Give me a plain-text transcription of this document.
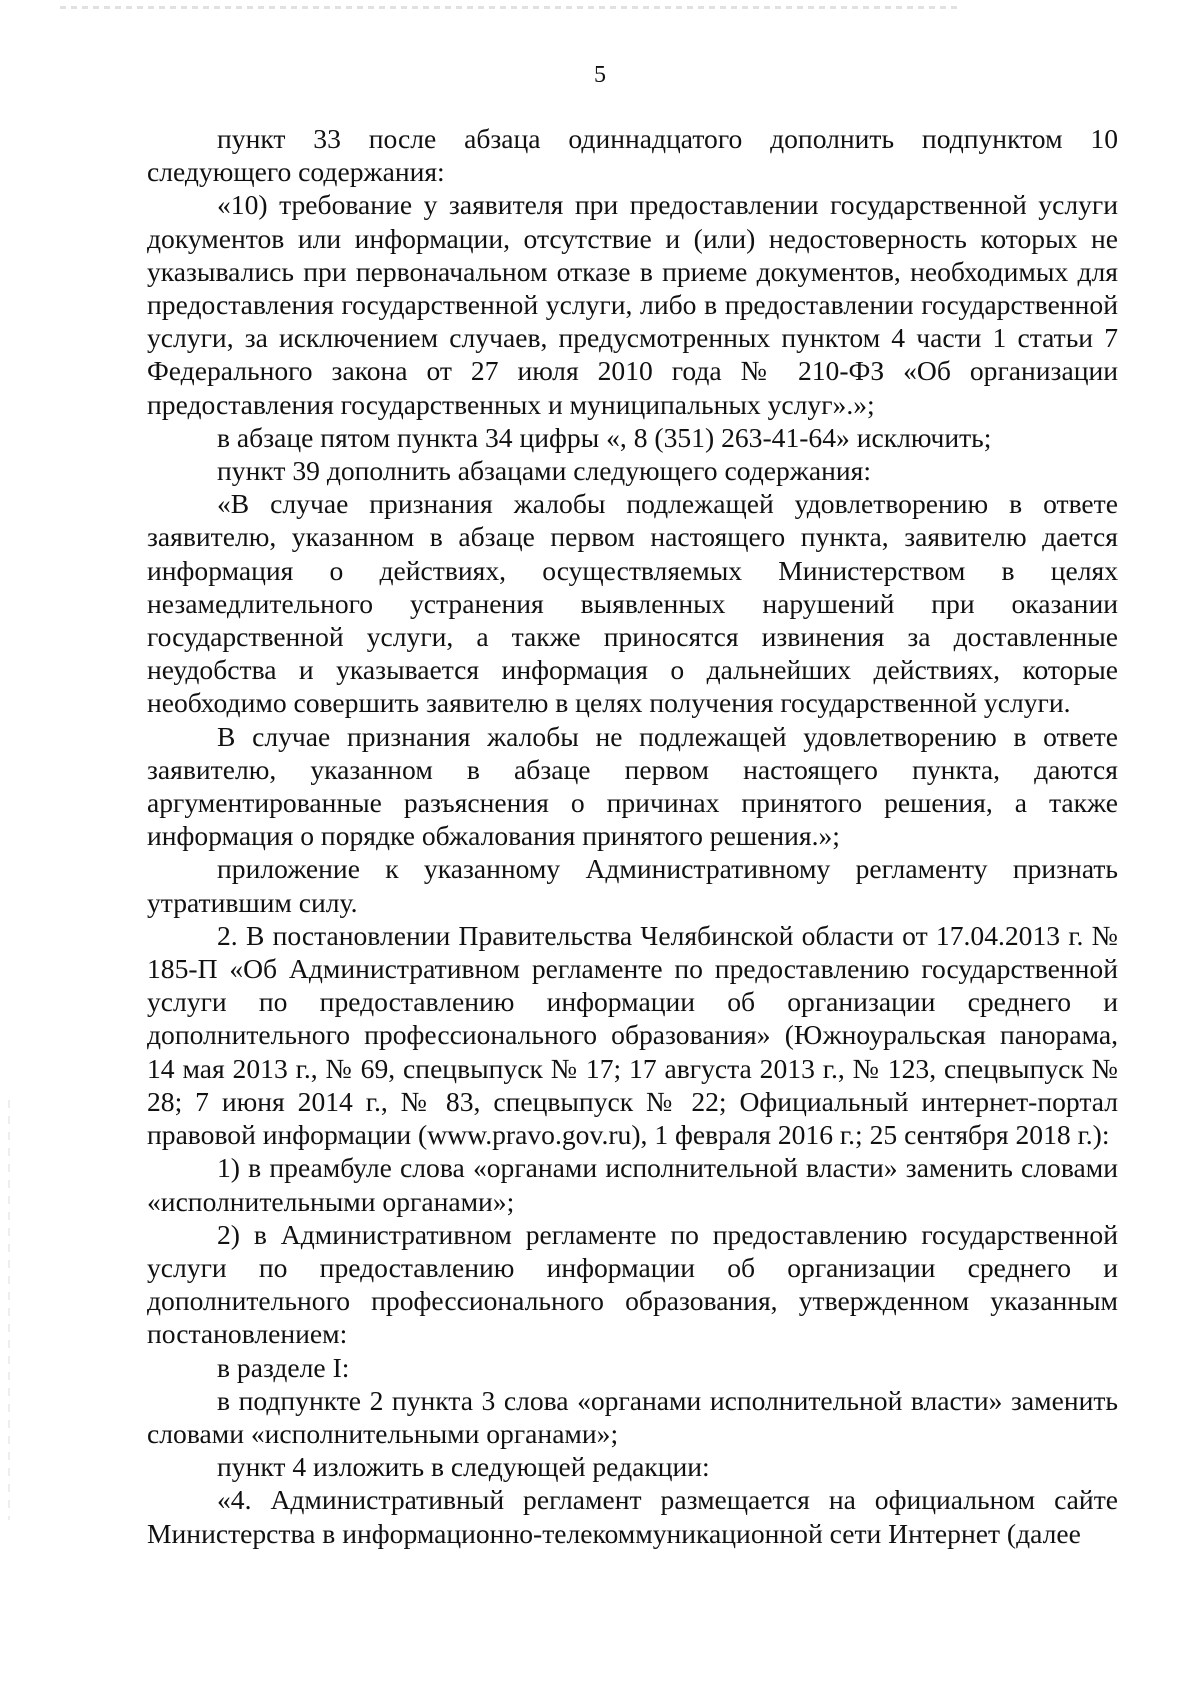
5

пункт 33 после абзаца одиннадцатого дополнить подпунктом 10 следующего содержания:

«10) требование у заявителя при предоставлении государственной услуги документов или информации, отсутствие и (или) недостоверность которых не указывались при первоначальном отказе в приеме документов, необходимых для предоставления государственной услуги, либо в предоставлении государственной услуги, за исключением случаев, предусмотренных пунктом 4 части 1 статьи 7 Федерального закона от 27 июля 2010 года № 210-ФЗ «Об организации предоставления государственных и муниципальных услуг».»;

в абзаце пятом пункта 34 цифры «, 8 (351) 263-41-64» исключить;

пункт 39 дополнить абзацами следующего содержания:

«В случае признания жалобы подлежащей удовлетворению в ответе заявителю, указанном в абзаце первом настоящего пункта, заявителю дается информация о действиях, осуществляемых Министерством в целях незамедлительного устранения выявленных нарушений при оказании государственной услуги, а также приносятся извинения за доставленные неудобства и указывается информация о дальнейших действиях, которые необходимо совершить заявителю в целях получения государственной услуги.

В случае признания жалобы не подлежащей удовлетворению в ответе заявителю, указанном в абзаце первом настоящего пункта, даются аргументированные разъяснения о причинах принятого решения, а также информация о порядке обжалования принятого решения.»;

приложение к указанному Административному регламенту признать утратившим силу.

2. В постановлении Правительства Челябинской области от 17.04.2013 г. № 185-П «Об Административном регламенте по предоставлению государственной услуги по предоставлению информации об организации среднего и дополнительного профессионального образования» (Южноуральская панорама, 14 мая 2013 г., № 69, спецвыпуск № 17; 17 августа 2013 г., № 123, спецвыпуск № 28; 7 июня 2014 г., № 83, спецвыпуск № 22; Официальный интернет-портал правовой информации (www.pravo.gov.ru), 1 февраля 2016 г.; 25 сентября 2018 г.):

1) в преамбуле слова «органами исполнительной власти» заменить словами «исполнительными органами»;

2) в Административном регламенте по предоставлению государственной услуги по предоставлению информации об организации среднего и дополнительного профессионального образования, утвержденном указанным постановлением:

в разделе I:

в подпункте 2 пункта 3 слова «органами исполнительной власти» заменить словами «исполнительными органами»;

пункт 4 изложить в следующей редакции:

«4. Административный регламент размещается на официальном сайте Министерства в информационно-телекоммуникационной сети Интернет (далее
